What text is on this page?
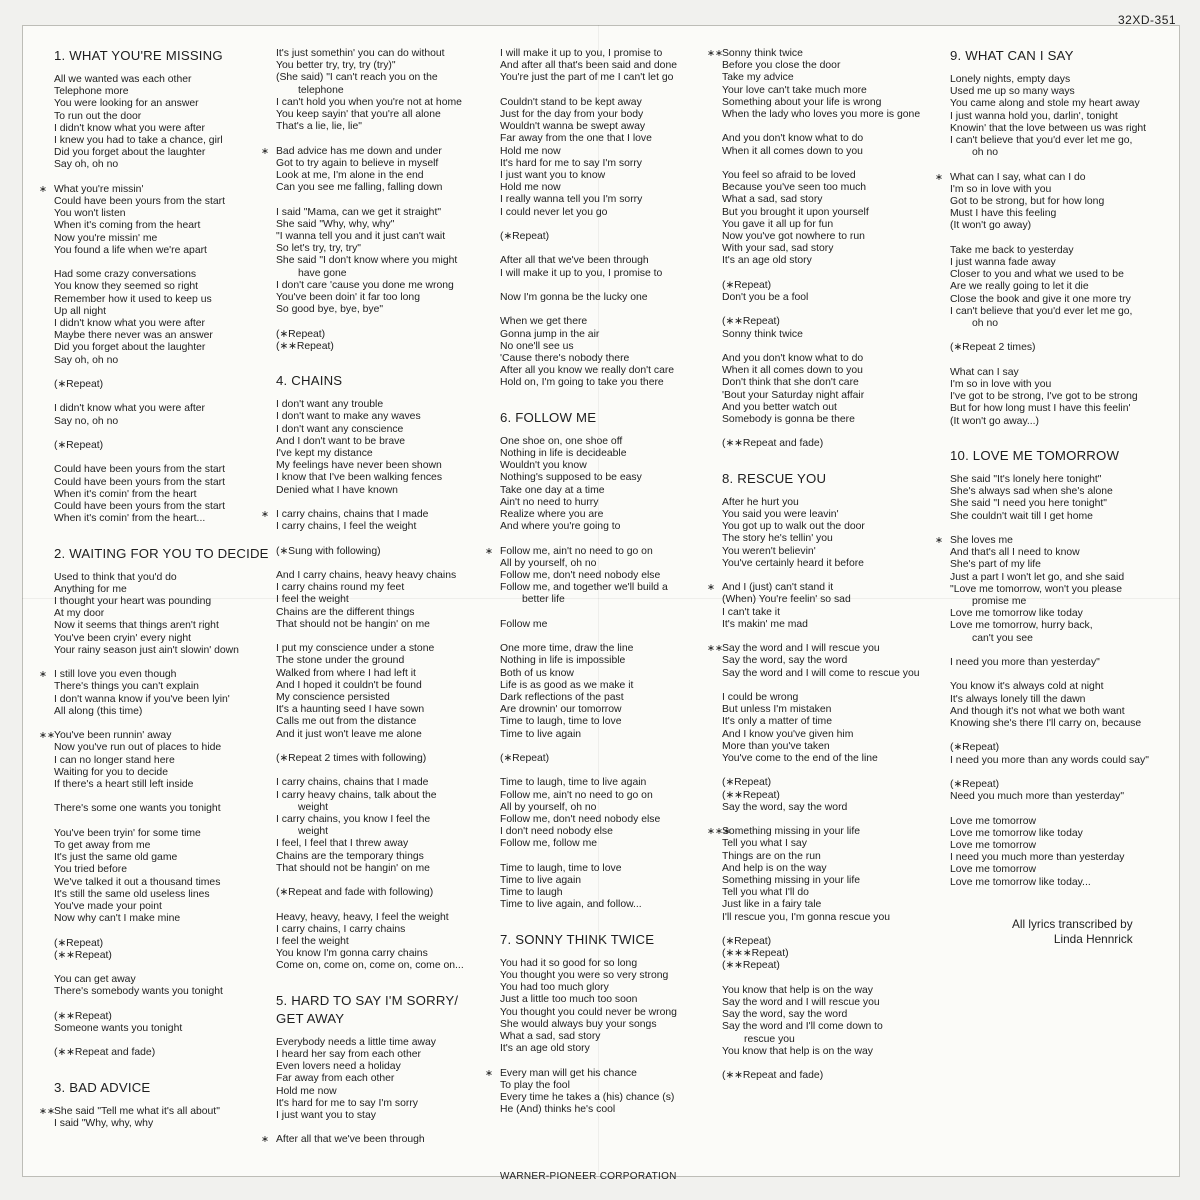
32XD-351
1. WHAT YOU'RE MISSING
All we wanted was each other
Telephone more
You were looking for an answer
To run out the door
I didn't know what you were after
I knew you had to take a chance, girl
Did you forget about the laughter
Say oh, oh no
∗ What you're missin'
Could have been yours from the start
You won't listen
When it's coming from the heart
Now you're missin' me
You found a life when we're apart
Had some crazy conversations
You know they seemed so right
Remember how it used to keep us
Up all night
I didn't know what you were after
Maybe there never was an answer
Did you forget about the laughter
Say oh, oh no
(∗Repeat)
I didn't know what you were after
Say no, oh no
(∗Repeat)
Could have been yours from the start
Could have been yours from the start
When it's comin' from the heart
Could have been yours from the start
When it's comin' from the heart...
2. WAITING FOR YOU TO DECIDE
Used to think that you'd do
Anything for me
I thought your heart was pounding
At my door
Now it seems that things aren't right
You've been cryin' every night
Your rainy season just ain't slowin' down
∗ I still love you even though
There's things you can't explain
I don't wanna know if you've been lyin'
All along (this time)
∗∗ You've been runnin' away
Now you've run out of places to hide
I can no longer stand here
Waiting for you to decide
If there's a heart still left inside
There's some one wants you tonight
You've been tryin' for some time
To get away from me
It's just the same old game
You tried before
We've talked it out a thousand times
It's still the same old useless lines
You've made your point
Now why can't I make mine
(∗Repeat)
(∗∗Repeat)
You can get away
There's somebody wants you tonight
(∗∗Repeat)
Someone wants you tonight
(∗∗Repeat and fade)
3. BAD ADVICE
∗∗ She said "Tell me what it's all about"
I said "Why, why, why
It's just somethin' you can do without
You better try, try, try (try)"
(She said) "I can't reach you on the
telephone
I can't hold you when you're not at home
You keep sayin' that you're all alone
That's a lie, lie, lie"
∗ Bad advice has me down and under
Got to try again to believe in myself
Look at me, I'm alone in the end
Can you see me falling, falling down
I said "Mama, can we get it straight"
She said "Why, why, why"
"I wanna tell you and it just can't wait
So let's try, try, try"
She said "I don't know where you might
have gone
I don't care 'cause you done me wrong
You've been doin' it far too long
So good bye, bye, bye"
(∗Repeat)
(∗∗Repeat)
4. CHAINS
I don't want any trouble
I don't want to make any waves
I don't want any conscience
And I don't want to be brave
I've kept my distance
My feelings have never been shown
I know that I've been walking fences
Denied what I have known
∗ I carry chains, chains that I made
I carry chains, I feel the weight
(∗Sung with following)
And I carry chains, heavy heavy chains
I carry chains round my feet
I feel the weight
Chains are the different things
That should not be hangin' on me
I put my conscience under a stone
The stone under the ground
Walked from where I had left it
And I hoped it couldn't be found
My conscience persisted
It's a haunting seed I have sown
Calls me out from the distance
And it just won't leave me alone
(∗Repeat 2 times with following)
I carry chains, chains that I made
I carry heavy chains, talk about the
weight
I carry chains, you know I feel the
weight
I feel, I feel that I threw away
Chains are the temporary things
That should not be hangin' on me
(∗Repeat and fade with following)
Heavy, heavy, heavy, I feel the weight
I carry chains, I carry chains
I feel the weight
You know I'm gonna carry chains
Come on, come on, come on, come on...
5. HARD TO SAY I'M SORRY/
GET AWAY
Everybody needs a little time away
I heard her say from each other
Even lovers need a holiday
Far away from each other
Hold me now
It's hard for me to say I'm sorry
I just want you to stay
∗ After all that we've been through
I will make it up to you, I promise to
And after all that's been said and done
You're just the part of me I can't let go
Couldn't stand to be kept away
Just for the day from your body
Wouldn't wanna be swept away
Far away from the one that I love
Hold me now
It's hard for me to say I'm sorry
I just want you to know
Hold me now
I really wanna tell you I'm sorry
I could never let you go
(∗Repeat)
After all that we've been through
I will make it up to you, I promise to
Now I'm gonna be the lucky one
When we get there
Gonna jump in the air
No one'll see us
'Cause there's nobody there
After all you know we really don't care
Hold on, I'm going to take you there
6. FOLLOW ME
One shoe on, one shoe off
Nothing in life is decideable
Wouldn't you know
Nothing's supposed to be easy
Take one day at a time
Ain't no need to hurry
Realize where you are
And where you're going to
∗ Follow me, ain't no need to go on
All by yourself, oh no
Follow me, don't need nobody else
Follow me, and together we'll build a
better life
Follow me
One more time, draw the line
Nothing in life is impossible
Both of us know
Life is as good as we make it
Dark reflections of the past
Are drownin' our tomorrow
Time to laugh, time to love
Time to live again
(∗Repeat)
Time to laugh, time to live again
Follow me, ain't no need to go on
All by yourself, oh no
Follow me, don't need nobody else
I don't need nobody else
Follow me, follow me
Time to laugh, time to love
Time to live again
Time to laugh
Time to live again, and follow...
7. SONNY THINK TWICE
You had it so good for so long
You thought you were so very strong
You had too much glory
Just a little too much too soon
You thought you could never be wrong
She would always buy your songs
What a sad, sad story
It's an age old story
∗ Every man will get his chance
To play the fool
Every time he takes a (his) chance (s)
He (And) thinks he's cool
∗∗ Sonny think twice
Before you close the door
Take my advice
Your love can't take much more
Something about your life is wrong
When the lady who loves you more is gone
And you don't know what to do
When it all comes down to you
You feel so afraid to be loved
Because you've seen too much
What a sad, sad story
But you brought it upon yourself
You gave it all up for fun
Now you've got nowhere to run
With your sad, sad story
It's an age old story
(∗Repeat)
Don't you be a fool
(∗∗Repeat)
Sonny think twice
And you don't know what to do
When it all comes down to you
Don't think that she don't care
'Bout your Saturday night affair
And you better watch out
Somebody is gonna be there
(∗∗Repeat and fade)
8. RESCUE YOU
After he hurt you
You said you were leavin'
You got up to walk out the door
The story he's tellin' you
You weren't believin'
You've certainly heard it before
∗ And I (just) can't stand it
(When) You're feelin' so sad
I can't take it
It's makin' me mad
∗∗ Say the word and I will rescue you
Say the word, say the word
Say the word and I will come to rescue you
I could be wrong
But unless I'm mistaken
It's only a matter of time
And I know you've given him
More than you've taken
You've come to the end of the line
(∗Repeat)
(∗∗Repeat)
Say the word, say the word
∗∗∗ Something missing in your life
Tell you what I say
Things are on the run
And help is on the way
Something missing in your life
Tell you what I'll do
Just like in a fairy tale
I'll rescue you, I'm gonna rescue you
(∗Repeat)
(∗∗∗Repeat)
(∗∗Repeat)
You know that help is on the way
Say the word and I will rescue you
Say the word, say the word
Say the word and I'll come down to
rescue you
You know that help is on the way
(∗∗Repeat and fade)
9. WHAT CAN I SAY
Lonely nights, empty days
Used me up so many ways
You came along and stole my heart away
I just wanna hold you, darlin', tonight
Knowin' that the love between us was right
I can't believe that you'd ever let me go,
oh no
∗ What can I say, what can I do
I'm so in love with you
Got to be strong, but for how long
Must I have this feeling
(It won't go away)
Take me back to yesterday
I just wanna fade away
Closer to you and what we used to be
Are we really going to let it die
Close the book and give it one more try
I can't believe that you'd ever let me go,
oh no
(∗Repeat 2 times)
What can I say
I'm so in love with you
I've got to be strong, I've got to be strong
But for how long must I have this feelin'
(It won't go away...)
10. LOVE ME TOMORROW
She said "It's lonely here tonight"
She's always sad when she's alone
She said "I need you here tonight"
She couldn't wait till I get home
∗ She loves me
And that's all I need to know
She's part of my life
Just a part I won't let go, and she said
"Love me tomorrow, won't you please
promise me
Love me tomorrow like today
Love me tomorrow, hurry back,
can't you see
I need you more than yesterday"
You know it's always cold at night
It's always lonely till the dawn
And though it's not what we both want
Knowing she's there I'll carry on, because
(∗Repeat)
I need you more than any words could say"
(∗Repeat)
Need you much more than yesterday"
Love me tomorrow
Love me tomorrow like today
Love me tomorrow
I need you much more than yesterday
Love me tomorrow
Love me tomorrow like today...
All lyrics transcribed by
Linda Hennrick
WARNER-PIONEER CORPORATION
